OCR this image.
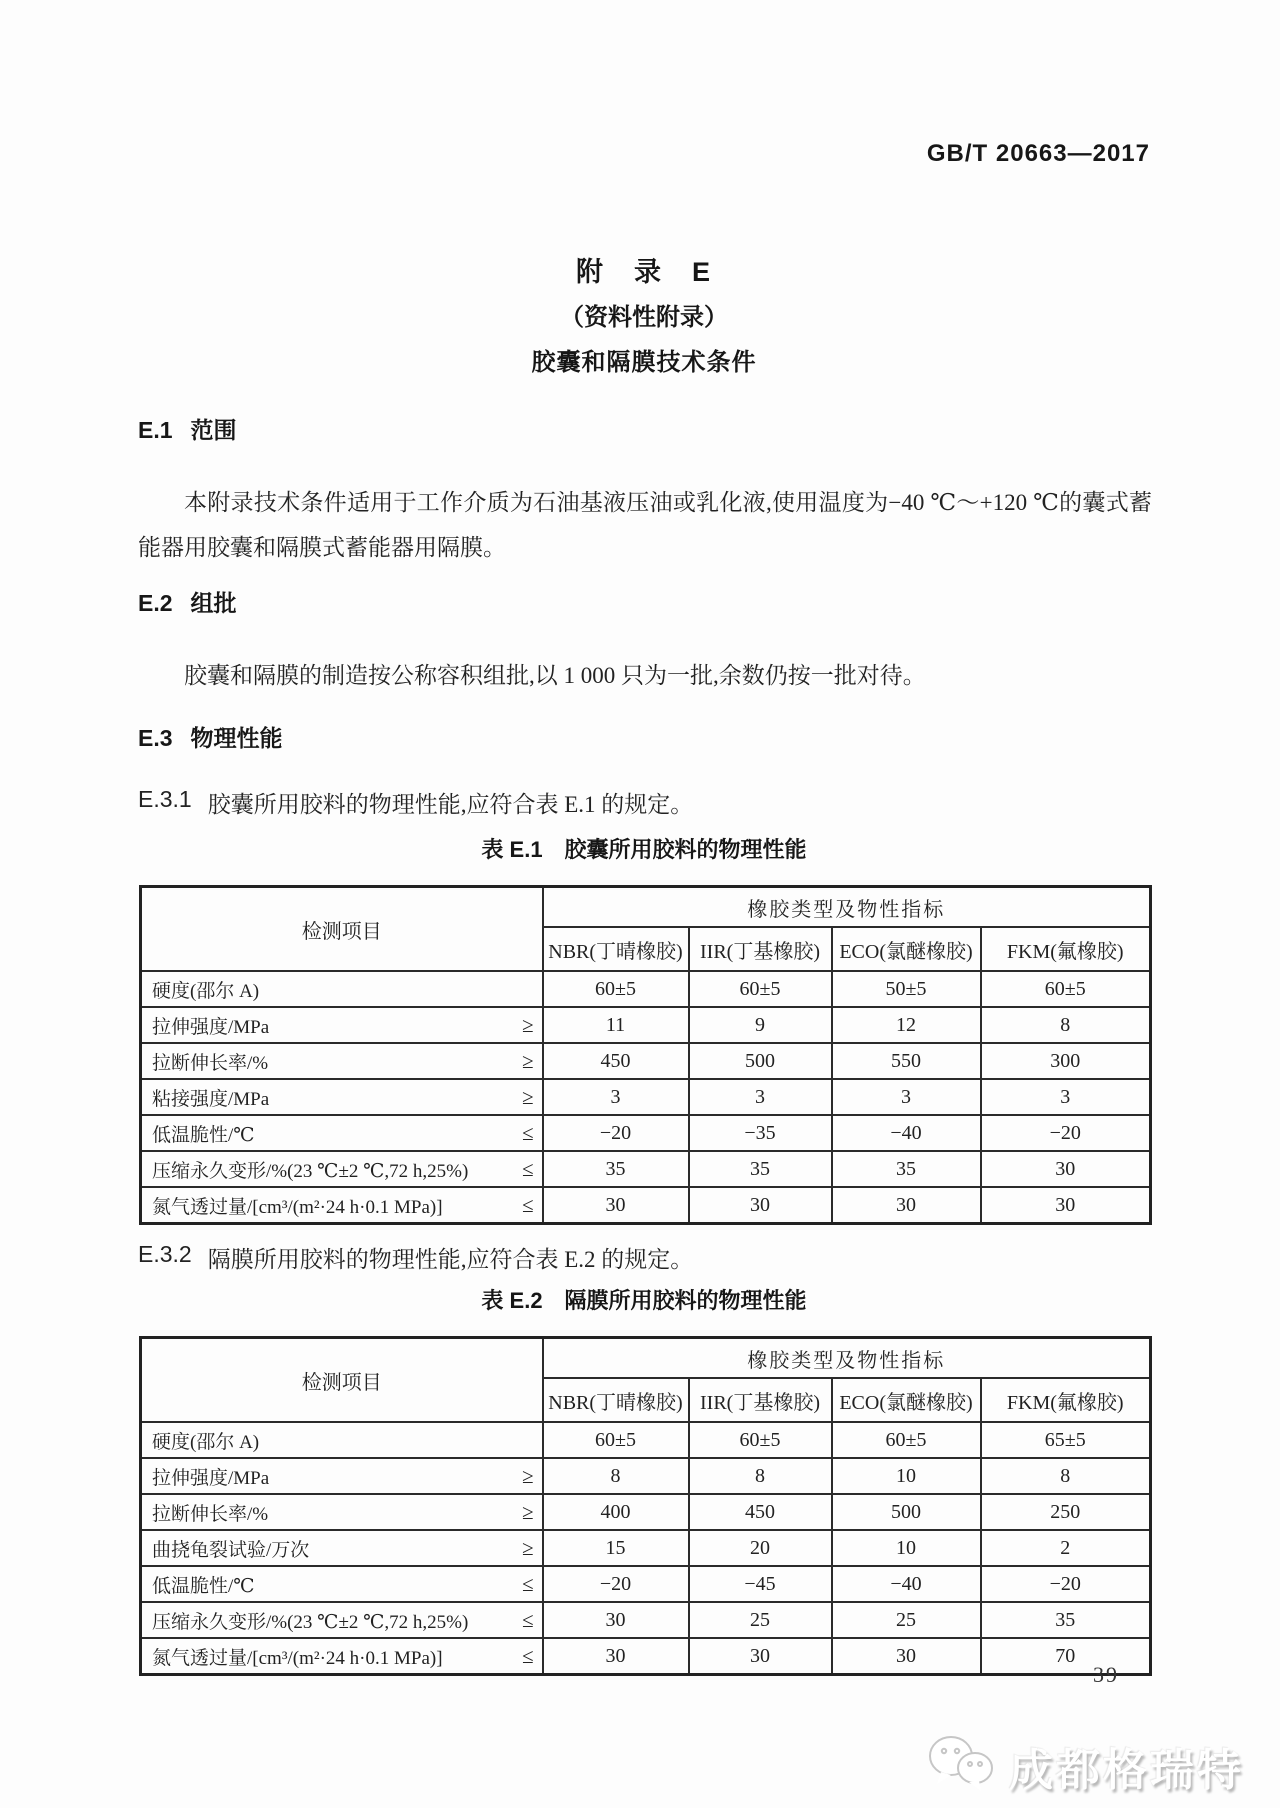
GB/T 20663—2017
附　录　E
（资料性附录）
胶囊和隔膜技术条件
E.1 范围
本附录技术条件适用于工作介质为石油基液压油或乳化液,使用温度为−40 ℃～+120 ℃的囊式蓄能器用胶囊和隔膜式蓄能器用隔膜。
E.2 组批
胶囊和隔膜的制造按公称容积组批,以 1 000 只为一批,余数仍按一批对待。
E.3 物理性能
E.3.1 胶囊所用胶料的物理性能,应符合表 E.1 的规定。
表 E.1　胶囊所用胶料的物理性能
检测项目	橡胶类型及物性指标			
	NBR(丁晴橡胶)	IIR(丁基橡胶)	ECO(氯醚橡胶)	FKM(氟橡胶)

硬度(邵尔 A)	60±5	60±5	50±5	60±5

拉伸强度/MPa ≥	11	9	12	8

拉断伸长率/% ≥	450	500	550	300

粘接强度/MPa ≥	3	3	3	3

低温脆性/℃ ≤	−20	−35	−40	−20

压缩永久变形/%(23 ℃±2 ℃,72 h,25%) ≤	35	35	35	30

氮气透过量/[cm³/(m²·24 h·0.1 MPa)] ≤	30	30	30	30
E.3.2 隔膜所用胶料的物理性能,应符合表 E.2 的规定。
表 E.2　隔膜所用胶料的物理性能
检测项目	橡胶类型及物性指标			
	NBR(丁晴橡胶)	IIR(丁基橡胶)	ECO(氯醚橡胶)	FKM(氟橡胶)

硬度(邵尔 A)	60±5	60±5	60±5	65±5

拉伸强度/MPa ≥	8	8	10	8

拉断伸长率/% ≥	400	450	500	250

曲挠龟裂试验/万次 ≥	15	20	10	2

低温脆性/℃ ≤	−20	−45	−40	−20

压缩永久变形/%(23 ℃±2 ℃,72 h,25%) ≤	30	25	25	35

氮气透过量/[cm³/(m²·24 h·0.1 MPa)] ≤	30	30	30	70
39
成都格瑞特
